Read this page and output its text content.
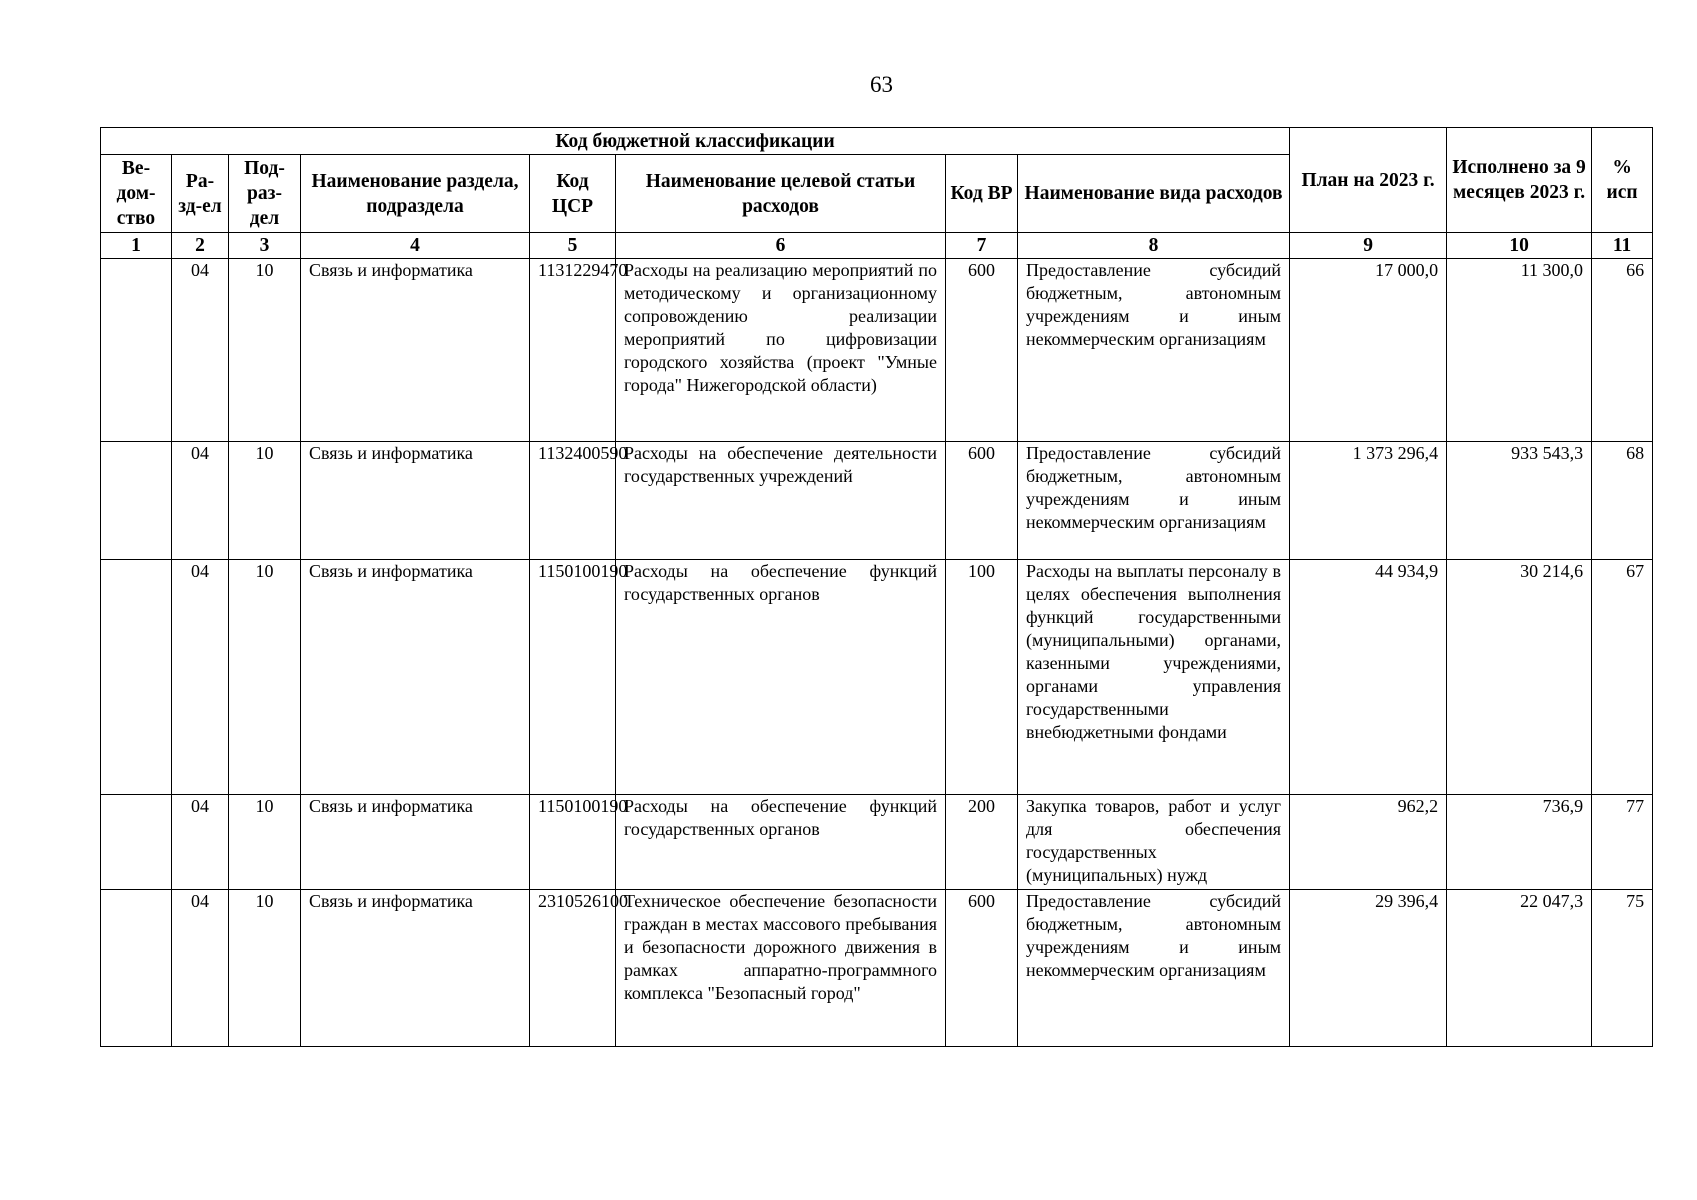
63
Код бюджетной классификации								План на 2023 г.	Исполнено за 9 месяцев 2023 г.	% исп
Ве-дом-ство	Ра-зд-ел	Под-раз-дел	Наименование раздела, подраздела	Код ЦСР	Наименование целевой статьи расходов	Код ВР	Наименование вида расходов			
1	2	3	4	5	6	7	8	9	10	11
	04	10	Связь и информатика	1131229470	Расходы на реализацию мероприятий по методическому и организационному сопровождению реализации мероприятий по цифровизации городского хозяйства (проект "Умные города" Нижегородской области)	600	Предоставление субсидий бюджетным, автономным учреждениям и иным некоммерческим организациям	17 000,0	11 300,0	66
	04	10	Связь и информатика	1132400590	Расходы на обеспечение деятельности государственных учреждений	600	Предоставление субсидий бюджетным, автономным учреждениям и иным некоммерческим организациям	1 373 296,4	933 543,3	68
	04	10	Связь и информатика	1150100190	Расходы на обеспечение функций государственных органов	100	Расходы на выплаты персоналу в целях обеспечения выполнения функций государственными (муниципальными) органами, казенными учреждениями, органами управления государственными внебюджетными фондами	44 934,9	30 214,6	67
	04	10	Связь и информатика	1150100190	Расходы на обеспечение функций государственных органов	200	Закупка товаров, работ и услуг для обеспечения государственных (муниципальных) нужд	962,2	736,9	77
	04	10	Связь и информатика	2310526100	Техническое обеспечение безопасности граждан в местах массового пребывания и безопасности дорожного движения в рамках аппаратно-программного комплекса "Безопасный город"	600	Предоставление субсидий бюджетным, автономным учреждениям и иным некоммерческим организациям	29 396,4	22 047,3	75
